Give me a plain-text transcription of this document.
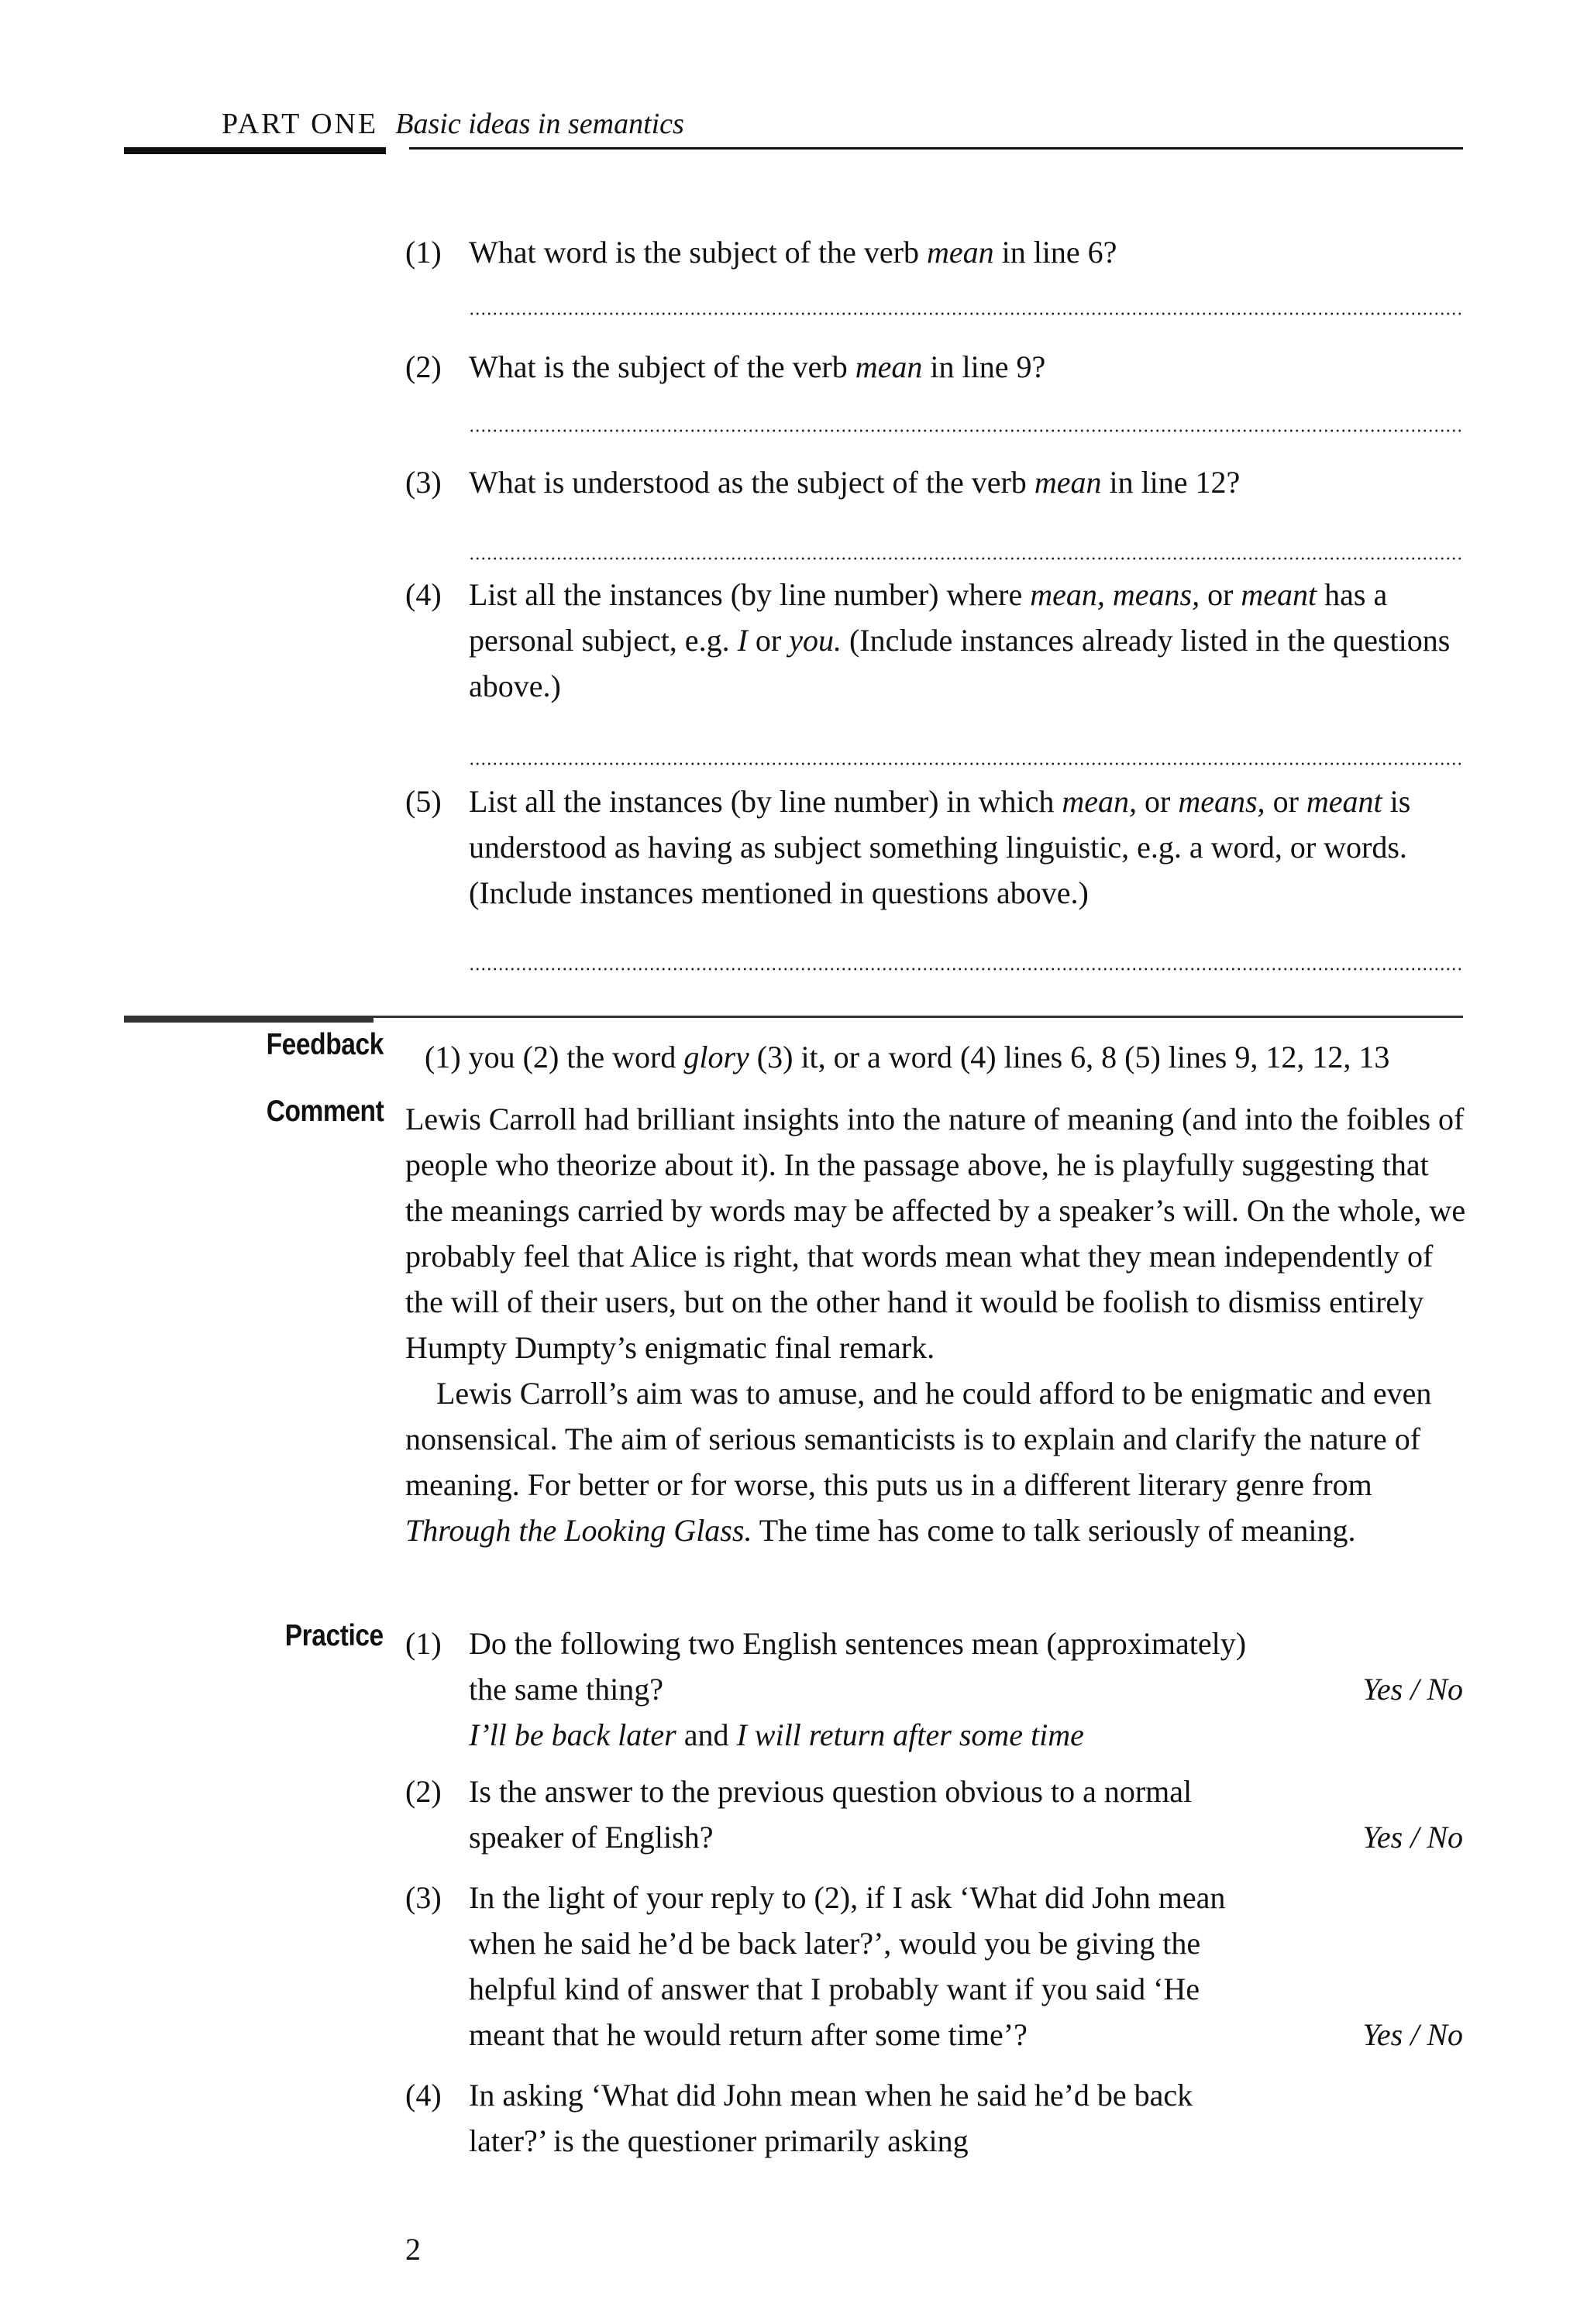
PART ONE Basic ideas in semantics
(1) What word is the subject of the verb mean in line 6?
(2) What is the subject of the verb mean in line 9?
(3) What is understood as the subject of the verb mean in line 12?
(4) List all the instances (by line number) where mean, means, or meant has a personal subject, e.g. I or you. (Include instances already listed in the questions above.)
(5) List all the instances (by line number) in which mean, or means, or meant is understood as having as subject something linguistic, e.g. a word, or words. (Include instances mentioned in questions above.)
Feedback (1) you (2) the word glory (3) it, or a word (4) lines 6, 8 (5) lines 9, 12, 12, 13
Comment Lewis Carroll had brilliant insights into the nature of meaning (and into the foibles of people who theorize about it). In the passage above, he is playfully suggesting that the meanings carried by words may be affected by a speaker’s will. On the whole, we probably feel that Alice is right, that words mean what they mean independently of the will of their users, but on the other hand it would be foolish to dismiss entirely Humpty Dumpty’s enigmatic final remark.

Lewis Carroll’s aim was to amuse, and he could afford to be enigmatic and even nonsensical. The aim of serious semanticists is to explain and clarify the nature of meaning. For better or for worse, this puts us in a different literary genre from Through the Looking Glass. The time has come to talk seriously of meaning.

Practice (1) Do the following two English sentences mean (approximately)
the same thing?
I’ll be back later and I will return after some time
Yes / No
(2) Is the answer to the previous question obvious to a normal
speaker of English?	Yes / No
(3) In the light of your reply to (2), if I ask ‘What did John mean
when he said he’d be back later?’, would you be giving the
helpful kind of answer that I probably want if you said ‘He
meant that he would return after some time’?	Yes / No
(4) In asking ‘What did John mean when he said he’d be back
later?’ is the questioner primarily asking
2
